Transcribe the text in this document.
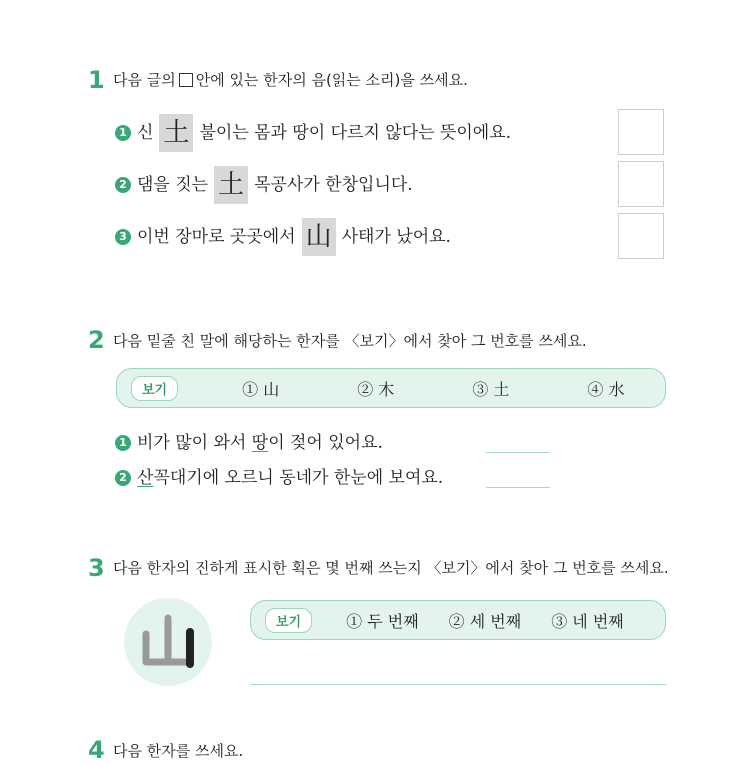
1 다음 글의 안에 있는 한자의 음(읽는 소리)을 쓰세요.
1 신 土 불이는 몸과 땅이 다르지 않다는 뜻이에요.
2 댐을 짓는 土 목공사가 한창입니다.
3 이번 장마로 곳곳에서 山 사태가 났어요.
2 다음 밑줄 친 말에 해당하는 한자를 〈보기〉에서 찾아 그 번호를 쓰세요.
보기	① 山	② 木	③ 土	④ 水
1 비가 많이 와서 땅 이 젖어 있어요.
2 산 꼭대기에 오르니 동네가 한눈에 보여요.
3 다음 한자의 진하게 표시한 획은 몇 번째 쓰는지 〈보기〉에서 찾아 그 번호를 쓰세요.
보기	① 두 번째 ② 세 번째 ③ 네 번째
4 다음 한자를 쓰세요.
